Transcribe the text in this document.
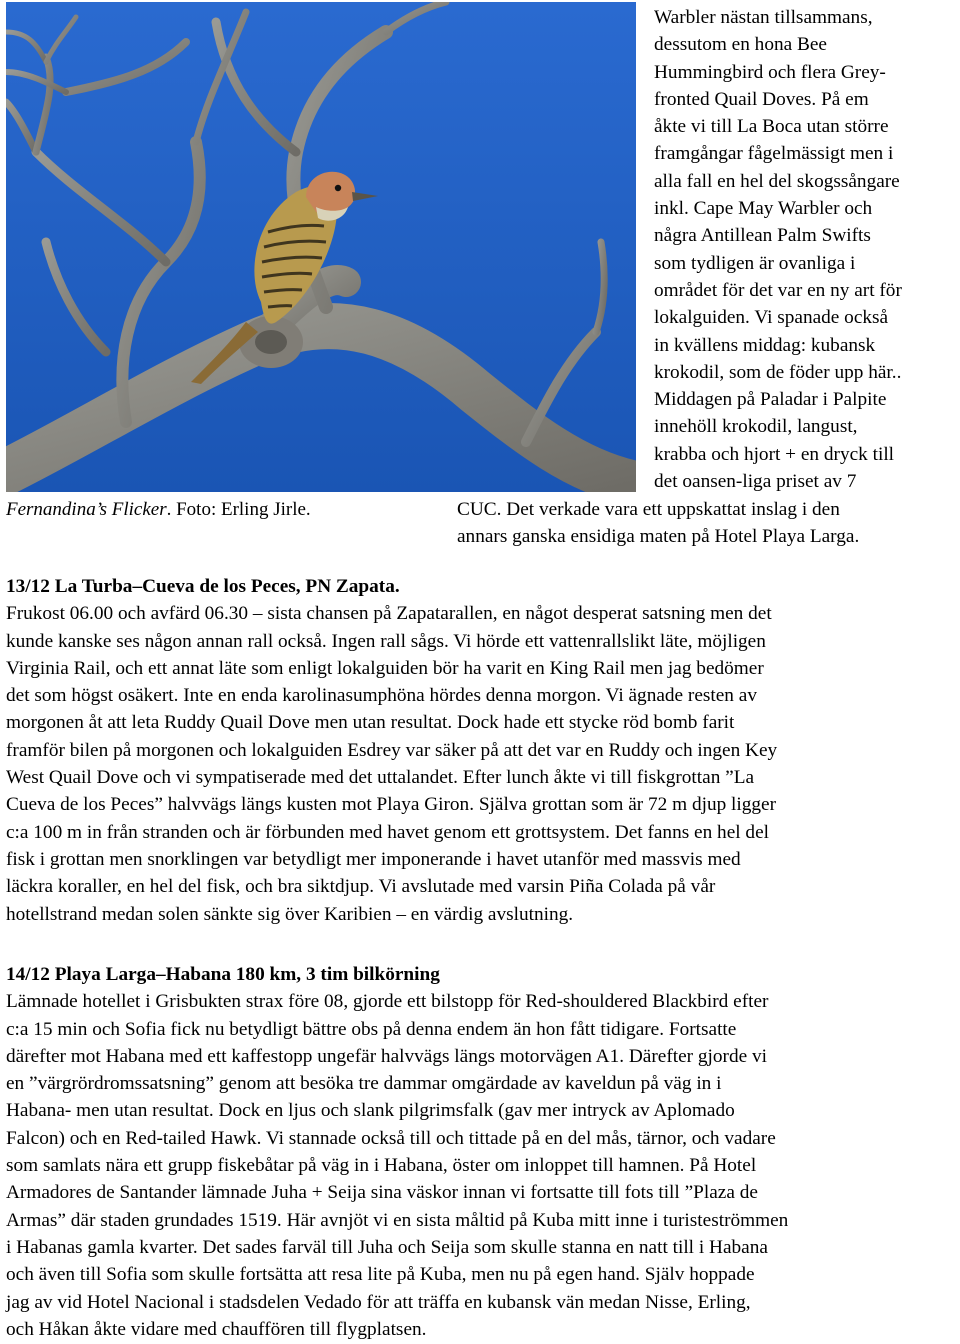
Fernandina’s Flicker. Foto: Erling Jirle.
Warbler nästan tillsammans,
dessutom en hona Bee
Hummingbird och flera Grey-
fronted Quail Doves. På em
åkte vi till La Boca utan större
framgångar fågelmässigt men i
alla fall en hel del skogssångare
inkl. Cape May Warbler och
några Antillean Palm Swifts
som tydligen är ovanliga i
området för det var en ny art för
lokalguiden. Vi spanade också
in kvällens middag: kubansk
krokodil, som de föder upp här..
Middagen på Paladar i Palpite
innehöll krokodil, langust,
krabba och hjort + en dryck till
det oansen-liga priset av 7
CUC. Det verkade vara ett uppskattat inslag i den
annars ganska ensidiga maten på Hotel Playa Larga.
13/12 La Turba–Cueva de los Peces, PN Zapata.
Frukost 06.00 och avfärd 06.30 – sista chansen på Zapatarallen, en något desperat satsning men det
kunde kanske ses någon annan rall också. Ingen rall sågs. Vi hörde ett vattenrallslikt läte, möjligen
Virginia Rail, och ett annat läte som enligt lokalguiden bör ha varit en King Rail men jag bedömer
det som högst osäkert. Inte en enda karolinasumphöna hördes denna morgon. Vi ägnade resten av
morgonen åt att leta Ruddy Quail Dove men utan resultat. Dock hade ett stycke röd bomb farit
framför bilen på morgonen och lokalguiden Esdrey var säker på att det var en Ruddy och ingen Key
West Quail Dove och vi sympatiserade med det uttalandet. Efter lunch åkte vi till fiskgrottan ”La
Cueva de los Peces” halvvägs längs kusten mot Playa Giron. Själva grottan som är 72 m djup ligger
c:a 100 m in från stranden och är förbunden med havet genom ett grottsystem. Det fanns en hel del
fisk i grottan men snorklingen var betydligt mer imponerande i havet utanför med massvis med
läckra koraller, en hel del fisk, och bra siktdjup. Vi avslutade med varsin Piña Colada på vår
hotellstrand medan solen sänkte sig över Karibien – en värdig avslutning.
14/12 Playa Larga–Habana 180 km, 3 tim bilkörning
Lämnade hotellet i Grisbukten strax före 08, gjorde ett bilstopp för Red-shouldered Blackbird efter
c:a 15 min och Sofia fick nu betydligt bättre obs på denna endem än hon fått tidigare. Fortsatte
därefter mot Habana med ett kaffestopp ungefär halvvägs längs motorvägen A1. Därefter gjorde vi
en ”värgrördromssatsning” genom att besöka tre dammar omgärdade av kaveldun på väg in i
Habana- men utan resultat. Dock en ljus och slank pilgrimsfalk (gav mer intryck av Aplomado
Falcon) och en Red-tailed Hawk. Vi stannade också till och tittade på en del mås, tärnor, och vadare
som samlats nära ett grupp fiskebåtar på väg in i Habana, öster om inloppet till hamnen. På Hotel
Armadores de Santander lämnade Juha + Seija sina väskor innan vi fortsatte till fots till ”Plaza de
Armas” där staden grundades 1519. Här avnjöt vi en sista måltid på Kuba mitt inne i turisteströmmen
i Habanas gamla kvarter. Det sades farväl till Juha och Seija som skulle stanna en natt till i Habana
och även till Sofia som skulle fortsätta att resa lite på Kuba, men nu på egen hand. Själv hoppade
jag av vid Hotel Nacional i stadsdelen Vedado för att träffa en kubansk vän medan Nisse, Erling,
och Håkan åkte vidare med chauffören till flygplatsen.
